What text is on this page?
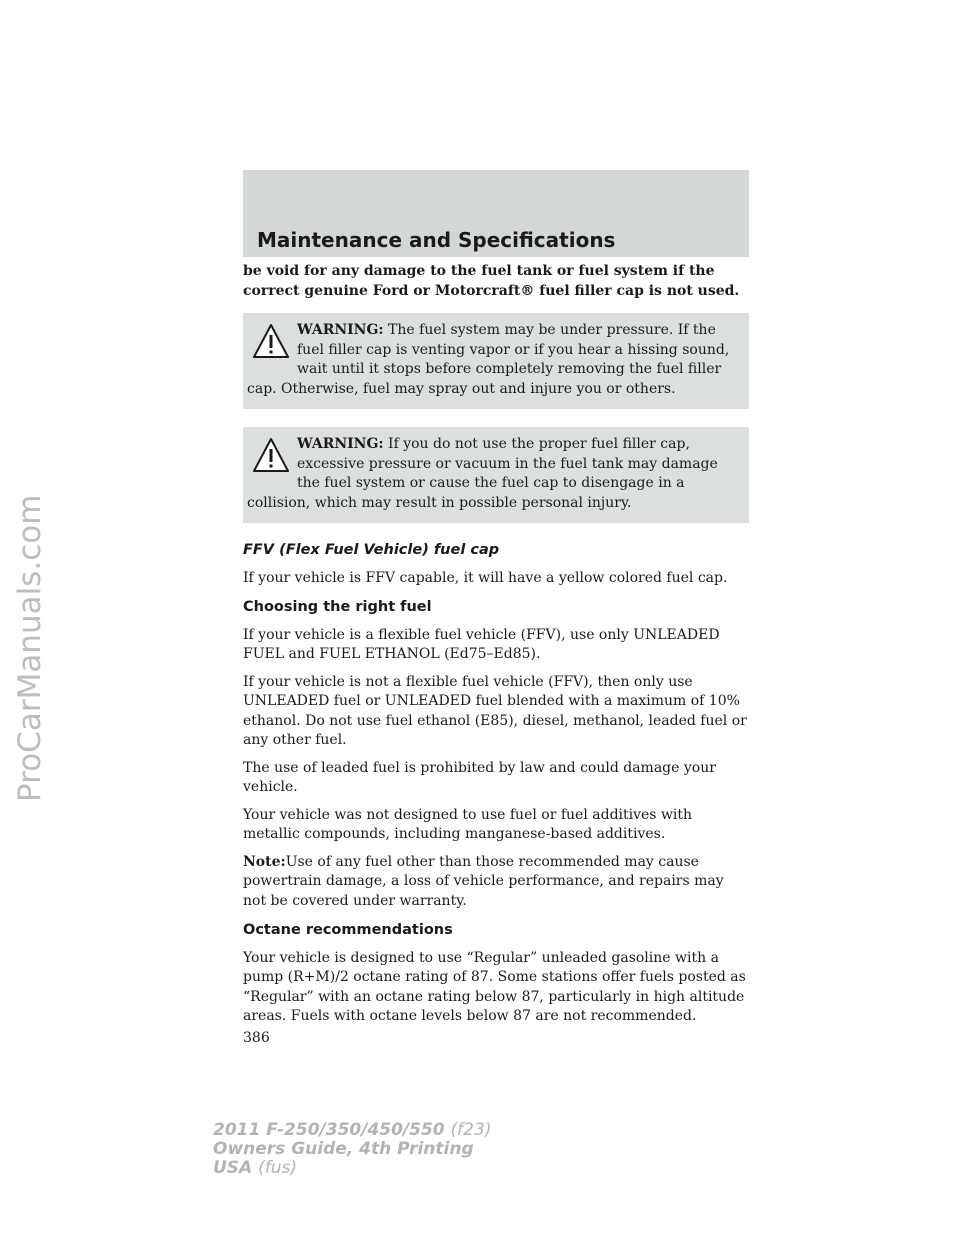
ProCarManuals.com
Maintenance and Specifications

be void for any damage to the fuel tank or fuel system if the correct genuine Ford or Motorcraft® fuel filler cap is not used.

WARNING: The fuel system may be under pressure. If the fuel filler cap is venting vapor or if you hear a hissing sound, wait until it stops before completely removing the fuel filler cap. Otherwise, fuel may spray out and injure you or others.
WARNING: If you do not use the proper fuel filler cap, excessive pressure or vacuum in the fuel tank may damage the fuel system or cause the fuel cap to disengage in a collision, which may result in possible personal injury.

FFV (Flex Fuel Vehicle) fuel cap

If your vehicle is FFV capable, it will have a yellow colored fuel cap.

Choosing the right fuel

If your vehicle is a flexible fuel vehicle (FFV), use only UNLEADED FUEL and FUEL ETHANOL (Ed75–Ed85).

If your vehicle is not a flexible fuel vehicle (FFV), then only use UNLEADED fuel or UNLEADED fuel blended with a maximum of 10% ethanol. Do not use fuel ethanol (E85), diesel, methanol, leaded fuel or any other fuel.

The use of leaded fuel is prohibited by law and could damage your vehicle.

Your vehicle was not designed to use fuel or fuel additives with metallic compounds, including manganese-based additives.

Note:Use of any fuel other than those recommended may cause powertrain damage, a loss of vehicle performance, and repairs may not be covered under warranty.

Octane recommendations

Your vehicle is designed to use “Regular” unleaded gasoline with a pump (R+M)/2 octane rating of 87. Some stations offer fuels posted as “Regular” with an octane rating below 87, particularly in high altitude areas. Fuels with octane levels below 87 are not recommended.

386
2011 F-250/350/450/550 (f23)
Owners Guide, 4th Printing
USA (fus)
